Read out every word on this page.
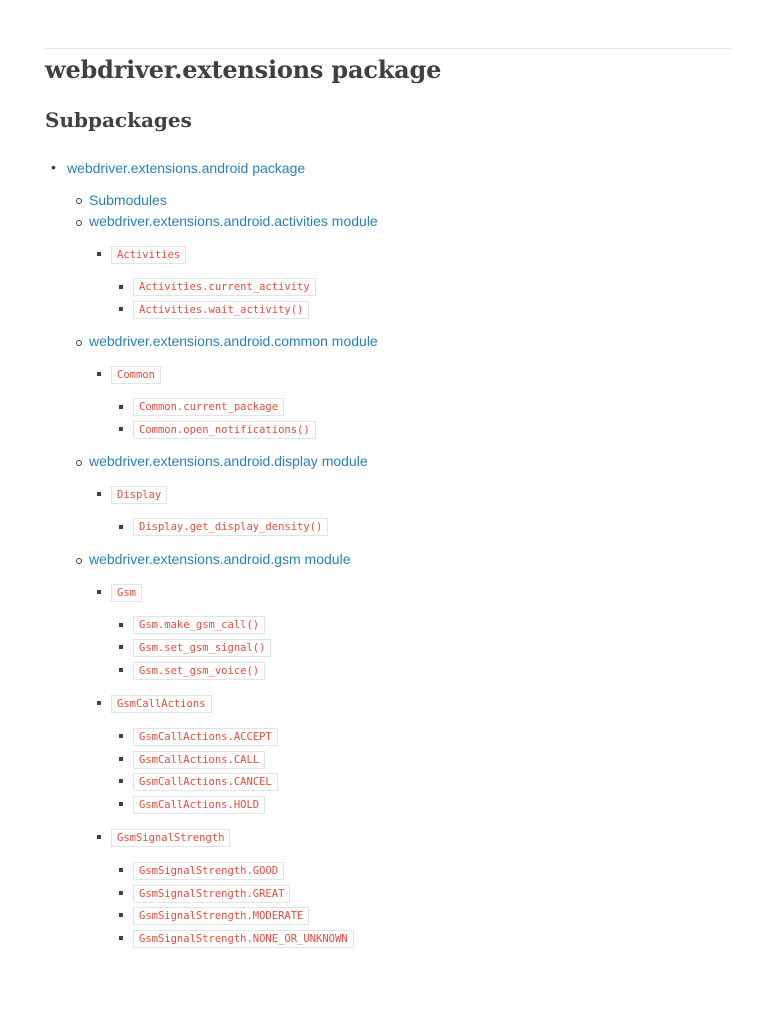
webdriver.extensions package
Subpackages
•
webdriver.extensions.android package
Submodules
webdriver.extensions.android.activities module
Activities
Activities.current_activity
Activities.wait_activity()
webdriver.extensions.android.common module
Common
Common.current_package
Common.open_notifications()
webdriver.extensions.android.display module
Display
Display.get_display_density()
webdriver.extensions.android.gsm module
Gsm
Gsm.make_gsm_call()
Gsm.set_gsm_signal()
Gsm.set_gsm_voice()
GsmCallActions
GsmCallActions.ACCEPT
GsmCallActions.CALL
GsmCallActions.CANCEL
GsmCallActions.HOLD
GsmSignalStrength
GsmSignalStrength.GOOD
GsmSignalStrength.GREAT
GsmSignalStrength.MODERATE
GsmSignalStrength.NONE_OR_UNKNOWN
